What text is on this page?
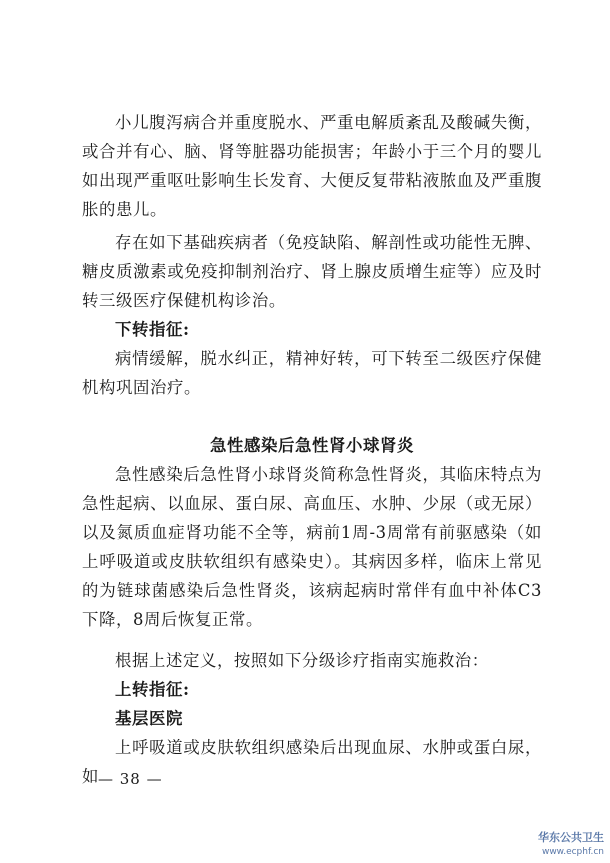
小儿腹泻病合并重度脱水、严重电解质紊乱及酸碱失衡，或合并有心、脑、肾等脏器功能损害；年龄小于三个月的婴儿如出现严重呕吐影响生长发育、大便反复带粘液脓血及严重腹胀的患儿。

存在如下基础疾病者（免疫缺陷、解剖性或功能性无脾、糖皮质激素或免疫抑制剂治疗、肾上腺皮质增生症等）应及时转三级医疗保健机构诊治。

下转指征:

病情缓解，脱水纠正，精神好转，可下转至二级医疗保健机构巩固治疗。

急性感染后急性肾小球肾炎

急性感染后急性肾小球肾炎简称急性肾炎，其临床特点为急性起病、以血尿、蛋白尿、高血压、水肿、少尿（或无尿）以及氮质血症肾功能不全等，病前1周-3周常有前驱感染（如上呼吸道或皮肤软组织有感染史）。其病因多样，临床上常见的为链球菌感染后急性肾炎，该病起病时常伴有血中补体C3下降，8周后恢复正常。

根据上述定义，按照如下分级诊疗指南实施救治：

上转指征:

基层医院

上呼吸道或皮肤软组织感染后出现血尿、水肿或蛋白尿，如 — 38 —
华东公共卫生
www.ecphf.cn
